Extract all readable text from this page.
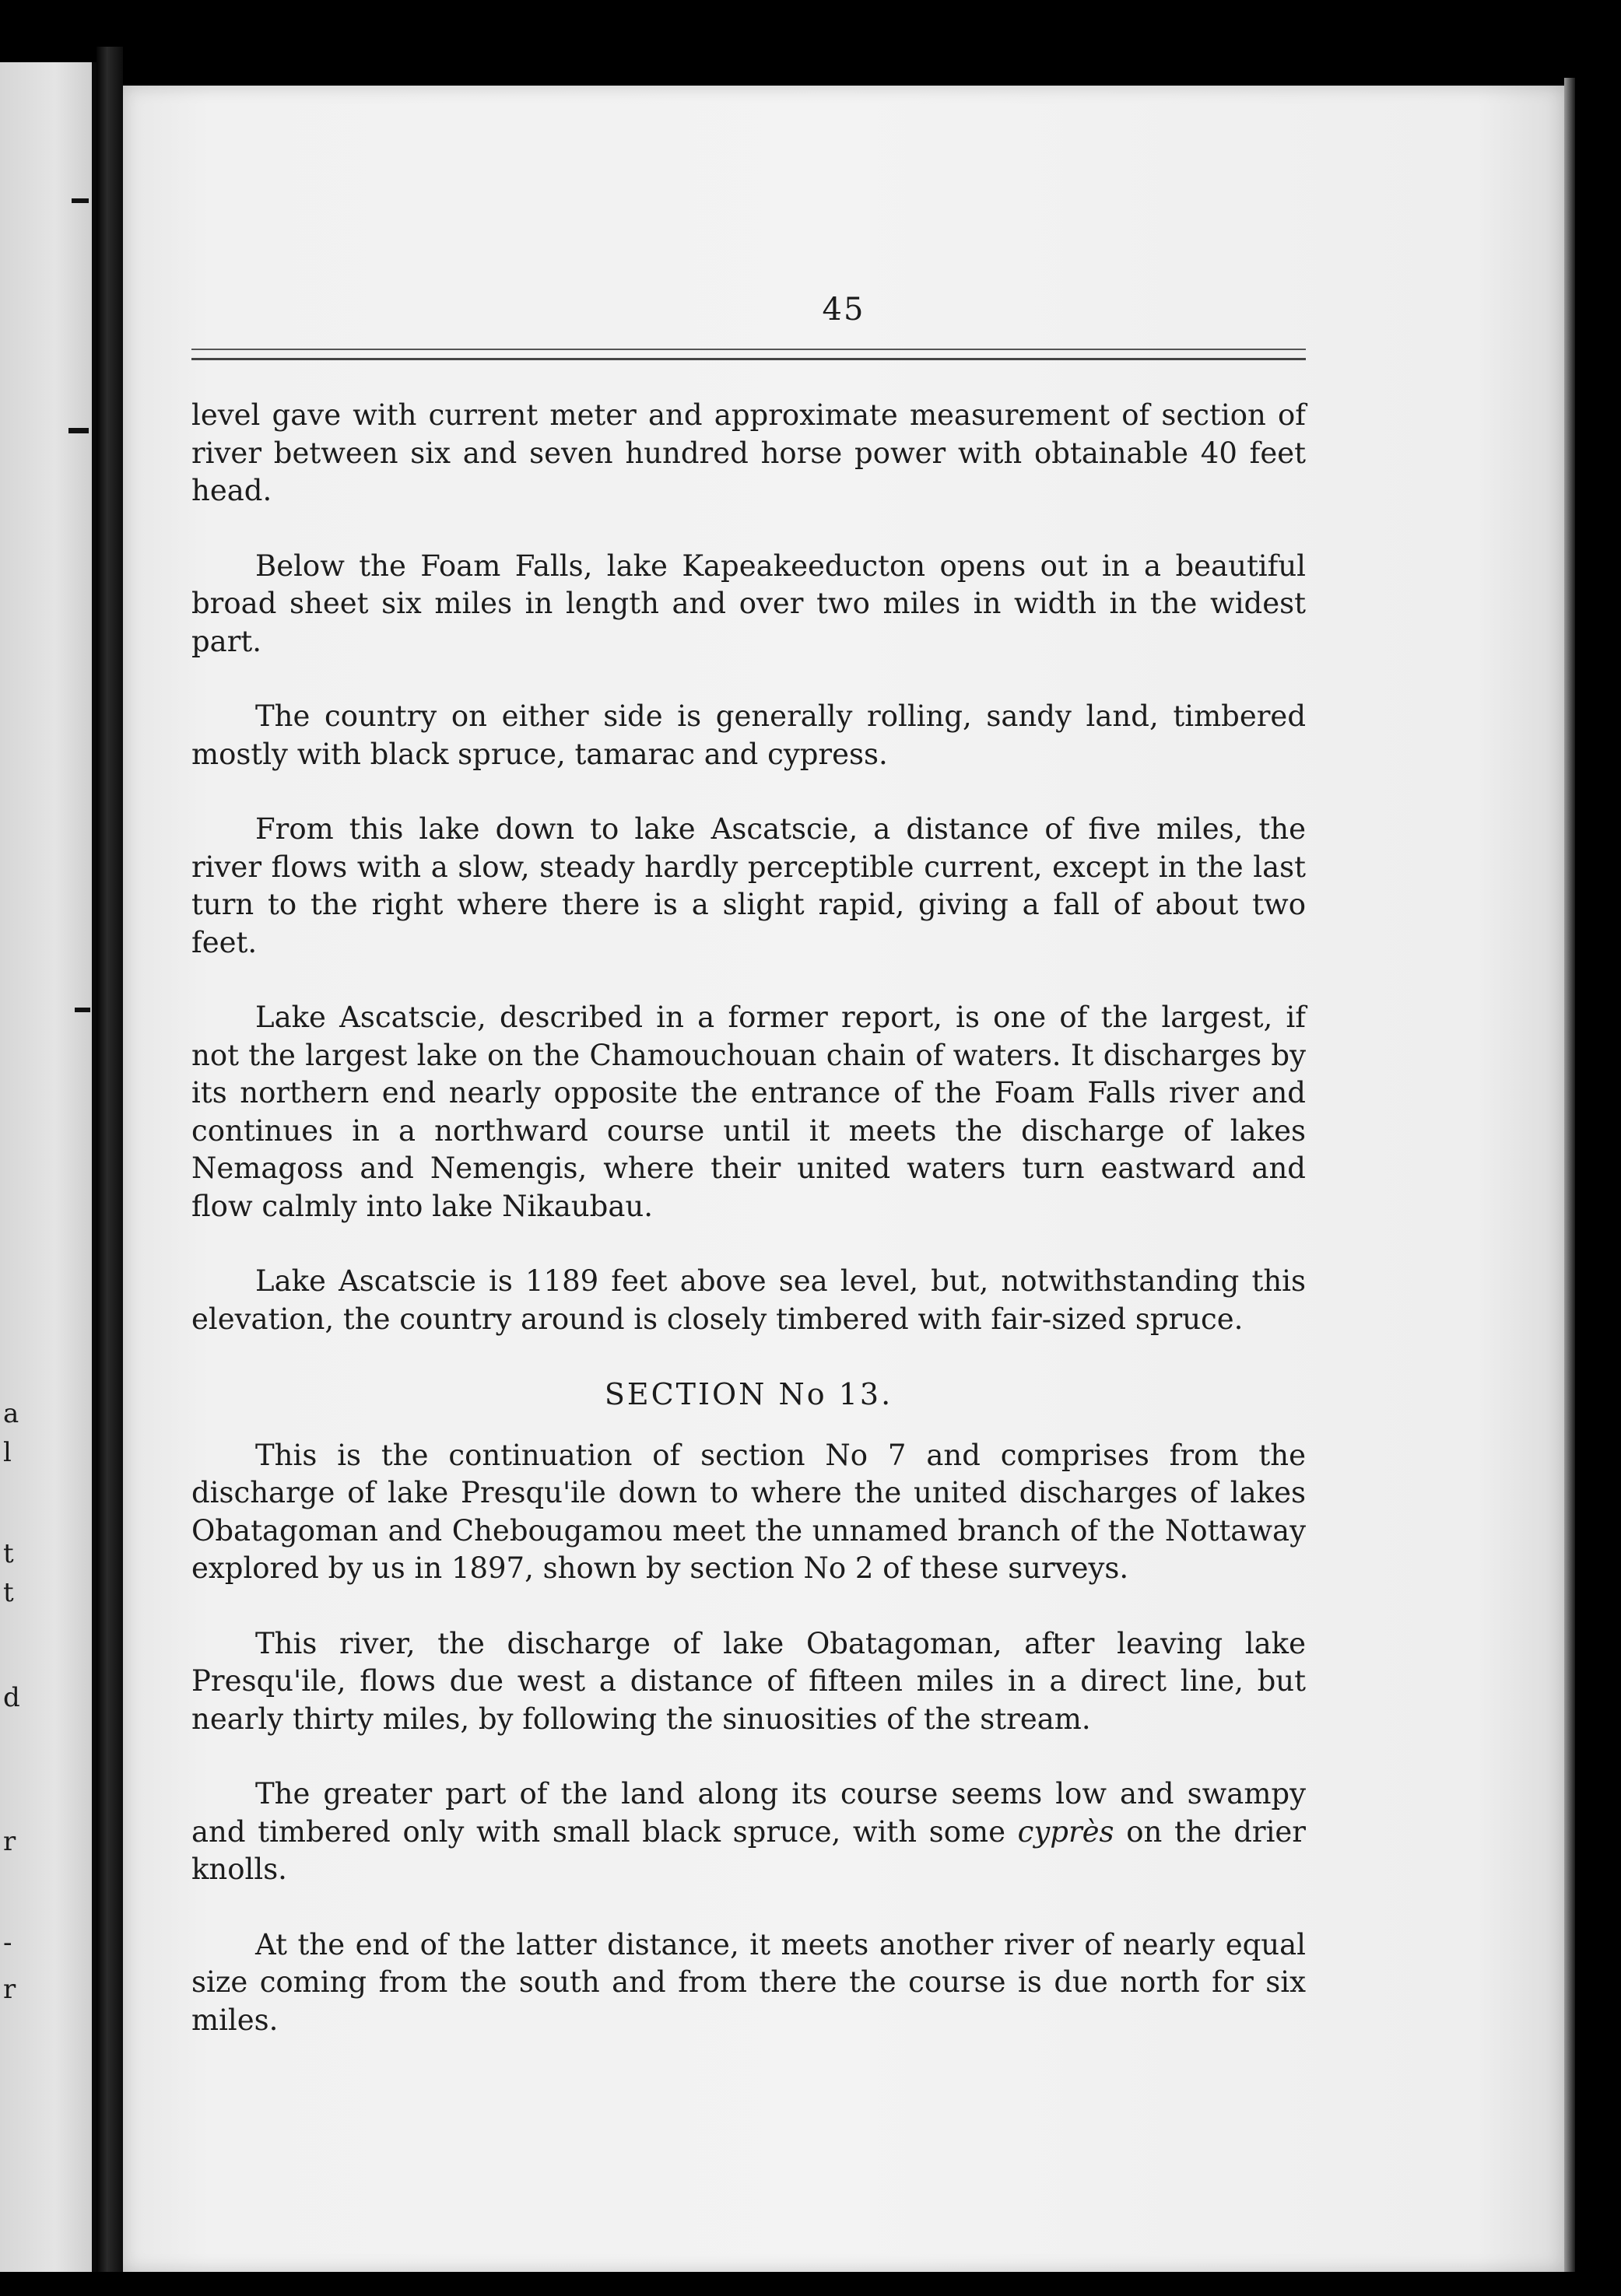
a
l
t
t
d
r
-
r
45

level gave with current meter and approximate measurement of section of river between six and seven hundred horse power with obtainable 40 feet head.

Below the Foam Falls, lake Kapeakeeducton opens out in a beautiful broad sheet six miles in length and over two miles in width in the widest part.

The country on either side is generally rolling, sandy land, timbered mostly with black spruce, tamarac and cypress.

From this lake down to lake Ascatscie, a distance of five miles, the river flows with a slow, steady hardly perceptible current, except in the last turn to the right where there is a slight rapid, giving a fall of about two feet.

Lake Ascatscie, described in a former report, is one of the largest, if not the largest lake on the Chamouchouan chain of waters. It discharges by its northern end nearly opposite the entrance of the Foam Falls river and continues in a northward course until it meets the discharge of lakes Nemagoss and Nemengis, where their united waters turn eastward and flow calmly into lake Nikaubau.

Lake Ascatscie is 1189 feet above sea level, but, notwithstanding this elevation, the country around is closely timbered with fair-sized spruce.

SECTION No 13.

This is the continuation of section No 7 and comprises from the discharge of lake Presqu'ile down to where the united discharges of lakes Obatagoman and Chebougamou meet the unnamed branch of the Nottaway explored by us in 1897, shown by section No 2 of these surveys.

This river, the discharge of lake Obatagoman, after leaving lake Presqu'ile, flows due west a distance of fifteen miles in a direct line, but nearly thirty miles, by following the sinuosities of the stream.

The greater part of the land along its course seems low and swampy and timbered only with small black spruce, with some cyprès on the drier knolls.

At the end of the latter distance, it meets another river of nearly equal size coming from the south and from there the course is due north for six miles.
